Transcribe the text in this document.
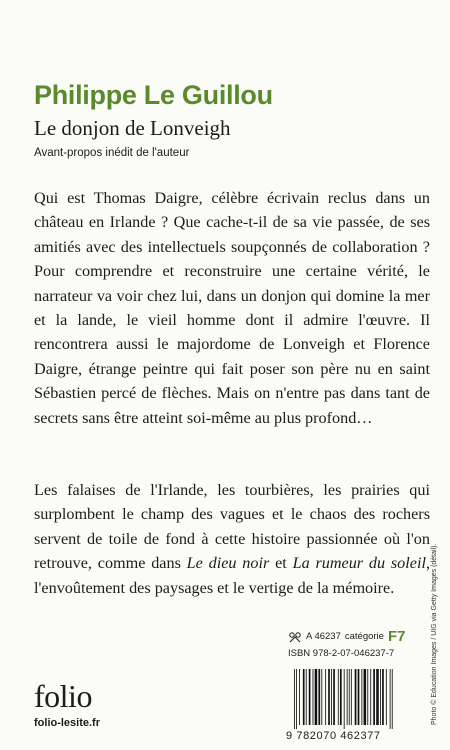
Philippe Le Guillou
Le donjon de Lonveigh
Avant-propos inédit de l'auteur

Qui est Thomas Daigre, célèbre écrivain reclus dans un château en Irlande ? Que cache-t-il de sa vie passée, de ses amitiés avec des intellectuels soupçonnés de collaboration ? Pour comprendre et reconstruire une certaine vérité, le narrateur va voir chez lui, dans un donjon qui domine la mer et la lande, le vieil homme dont il admire l'œuvre. Il rencontrera aussi le majordome de Lonveigh et Florence Daigre, étrange peintre qui fait poser son père nu en saint Sébastien percé de flèches. Mais on n'entre pas dans tant de secrets sans être atteint soi-même au plus profond…

Les falaises de l'Irlande, les tourbières, les prairies qui surplombent le champ des vagues et le chaos des rochers servent de toile de fond à cette histoire passionnée où l'on retrouve, comme dans Le dieu noir et La rumeur du soleil, l'envoûtement des paysages et le vertige de la mémoire.

A 46237 catégorie F7
ISBN 978-2-07-046237-7
folio
folio-lesite.fr
9 782070 462377
Photo © Education Images / UIG via Getty Images (détail).
